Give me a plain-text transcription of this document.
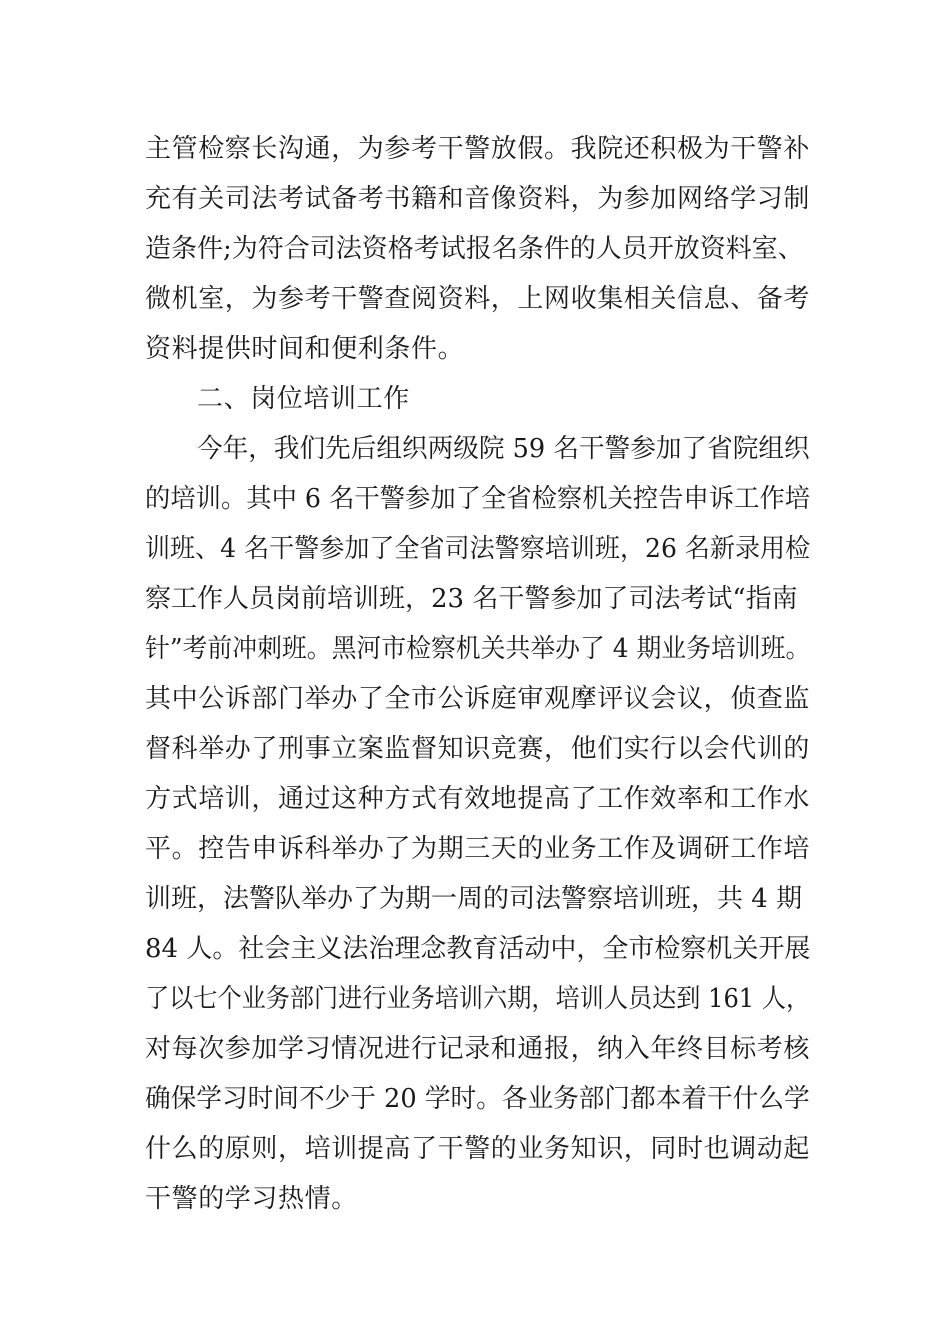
主管检察长沟通，为参考干警放假。我院还积极为干警补
充有关司法考试备考书籍和音像资料，为参加网络学习制
造条件;为符合司法资格考试报名条件的人员开放资料室、
微机室，为参考干警查阅资料，上网收集相关信息、备考
资料提供时间和便利条件。
二、岗位培训工作
今年，我们先后组织两级院 59 名干警参加了省院组织
的培训。其中 6 名干警参加了全省检察机关控告申诉工作培
训班、4 名干警参加了全省司法警察培训班，26 名新录用检
察工作人员岗前培训班，23 名干警参加了司法考试“指南
针”考前冲刺班。黑河市检察机关共举办了 4 期业务培训班。
其中公诉部门举办了全市公诉庭审观摩评议会议，侦查监
督科举办了刑事立案监督知识竞赛，他们实行以会代训的
方式培训，通过这种方式有效地提高了工作效率和工作水
平。控告申诉科举办了为期三天的业务工作及调研工作培
训班，法警队举办了为期一周的司法警察培训班，共 4 期
84 人。社会主义法治理念教育活动中，全市检察机关开展
了以七个业务部门进行业务培训六期，培训人员达到 161 人，
对每次参加学习情况进行记录和通报，纳入年终目标考核
确保学习时间不少于 20 学时。各业务部门都本着干什么学
什么的原则，培训提高了干警的业务知识，同时也调动起
干警的学习热情。
